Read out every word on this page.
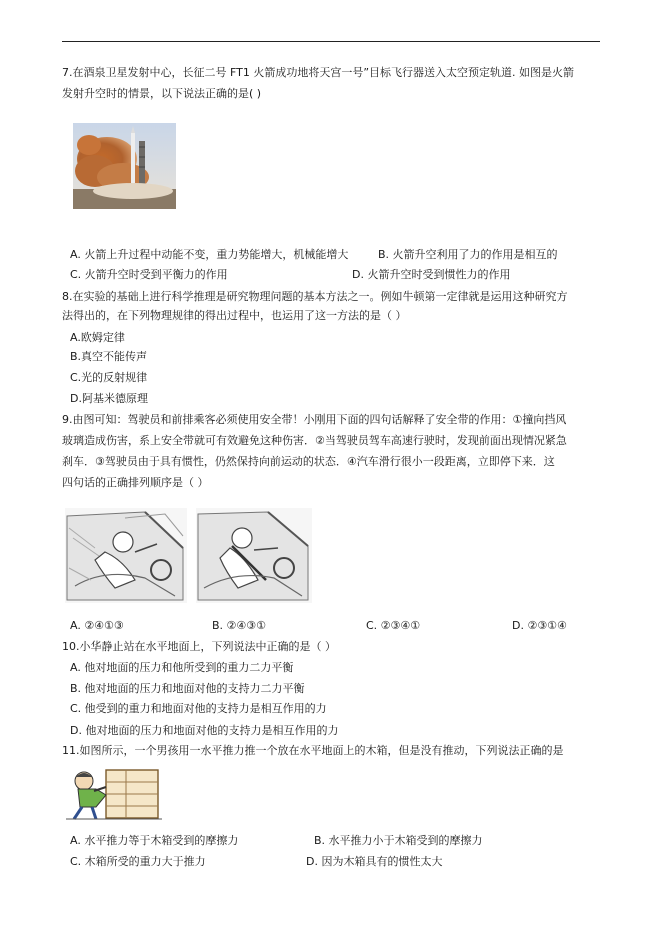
7.在酒泉卫星发射中心，长征二号 FT1 火箭成功地将天宫一号”目标飞行器送入太空预定轨道. 如图是火箭
发射升空时的情景，以下说法正确的是( )
A. 火箭上升过程中动能不变，重力势能增大，机械能增大	B. 火箭升空利用了力的作用是相互的
C. 火箭升空时受到平衡力的作用	D. 火箭升空时受到惯性力的作用
8.在实验的基础上进行科学推理是研究物理问题的基本方法之一。例如牛顿第一定律就是运用这种研究方
法得出的，在下列物理规律的得出过程中，也运用了这一方法的是（ ）
A.欧姆定律
B.真空不能传声
C.光的反射规律
D.阿基米德原理
9.由图可知：驾驶员和前排乘客必须使用安全带！小刚用下面的四句话解释了安全带的作用：①撞向挡风
玻璃造成伤害，系上安全带就可有效避免这种伤害．②当驾驶员驾车高速行驶时，发现前面出现情况紧急
刹车．③驾驶员由于具有惯性，仍然保持向前运动的状态．④汽车滑行很小一段距离，立即停下来．这
四句话的正确排列顺序是（ ）
A. ②④①③	B. ②④③①	C. ②③④①	D. ②③①④
10.小华静止站在水平地面上，下列说法中正确的是（ ）
A. 他对地面的压力和他所受到的重力二力平衡
B. 他对地面的压力和地面对他的支持力二力平衡
C. 他受到的重力和地面对他的支持力是相互作用的力
D. 他对地面的压力和地面对他的支持力是相互作用的力
11.如图所示，一个男孩用一水平推力推一个放在水平地面上的木箱，但是没有推动，下列说法正确的是
A. 水平推力等于木箱受到的摩擦力	B. 水平推力小于木箱受到的摩擦力
C. 木箱所受的重力大于推力	D. 因为木箱具有的惯性太大
